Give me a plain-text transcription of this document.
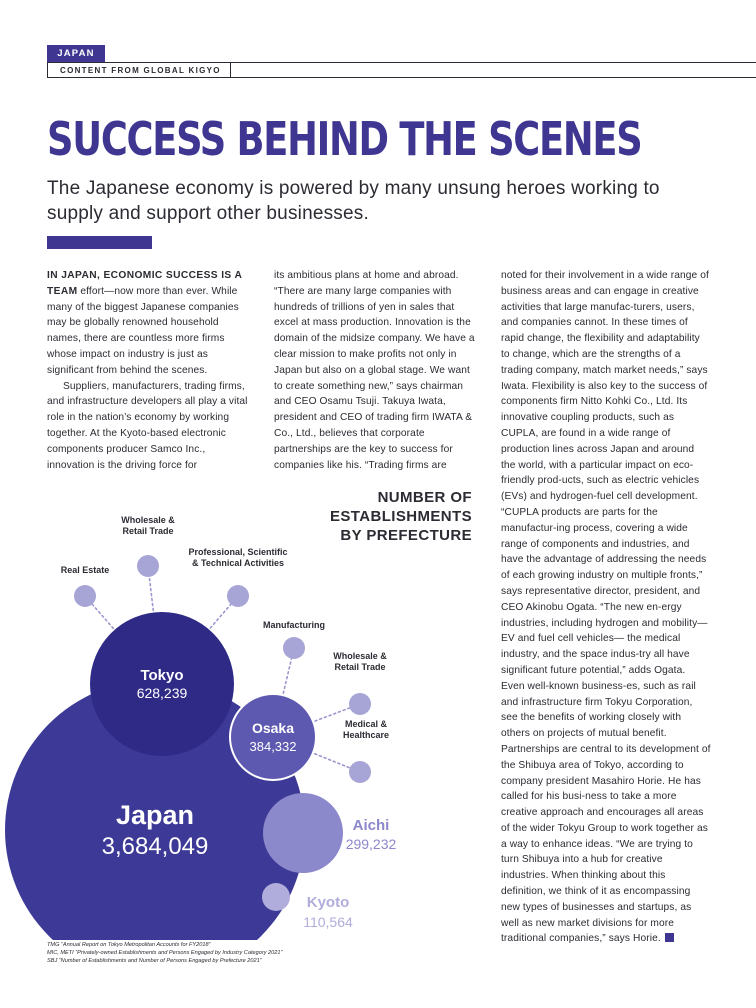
JAPAN
CONTENT FROM GLOBAL KIGYO
SUCCESS BEHIND THE SCENES

The Japanese economy is powered by many unsung heroes working to supply and support other businesses.

IN JAPAN, ECONOMIC SUCCESS IS A TEAM effort—now more than ever. While many of the biggest Japanese companies may be globally renowned household names, there are countless more firms whose impact on industry is just as significant from behind the scenes.

Suppliers, manufacturers, trading firms, and infrastructure developers all play a vital role in the nation’s economy by working together. At the Kyoto-based electronic components producer Samco Inc., innovation is the driving force for

its ambitious plans at home and abroad. “There are many large companies with hundreds of trillions of yen in sales that excel at mass production. Innovation is the domain of the midsize company. We have a clear mission to make profits not only in Japan but also on a global stage. We want to create something new,” says chairman and CEO Osamu Tsuji. Takuya Iwata, president and CEO of trading firm IWATA & Co., Ltd., believes that corporate partnerships are the key to success for companies like his. “Trading firms are

noted for their involvement in a wide range of business areas and can engage in creative activities that large manufac-turers, users, and companies cannot. In these times of rapid change, the flexibility and adaptability to change, which are the strengths of a trading company, match market needs,” says Iwata. Flexibility is also key to the success of components firm Nitto Kohki Co., Ltd. Its innovative coupling products, such as CUPLA, are found in a wide range of production lines across Japan and around the world, with a particular impact on eco-friendly prod-ucts, such as electric vehicles (EVs) and hydrogen-fuel cell development. “CUPLA products are parts for the manufactur-ing process, covering a wide range of components and industries, and have the advantage of addressing the needs of each growing industry on multiple fronts,” says representative director, president, and CEO Akinobu Ogata. “The new en-ergy industries, including hydrogen and mobility— EV and fuel cell vehicles— the medical industry, and the space indus-try all have significant future potential,” adds Ogata. Even well-known business-es, such as rail and infrastructure firm Tokyu Corporation, see the benefits of working closely with others on projects of mutual benefit. Partnerships are central to its development of the Shibuya area of Tokyo, according to company president Masahiro Horie. He has called for his busi-ness to take a more creative approach and encourages all areas of the wider Tokyu Group to work together as a way to enhance ideas. “We are trying to turn Shibuya into a hub for creative industries. When thinking about this definition, we think of it as encompassing new types of businesses and startups, as well as new market divisions for more traditional companies,” says Horie.

NUMBER OF
ESTABLISHMENTS
BY PREFECTURE
Real Estate
Wholesale &
Retail Trade
Professional, Scientific
& Technical Activities
Manufacturing
Wholesale &
Retail Trade
Medical &
Healthcare
Japan
3,684,049
Tokyo
628,239
Osaka
384,332
Aichi
299,232
Kyoto
110,564
TMG “Annual Report on Tokyo Metropolitan Accounts for FY2018”
MIC, METI “Privately-owned Establishments and Persons Engaged by Industry Category 2021”
SBJ “Number of Establishments and Number of Persons Engaged by Prefecture 2021”
